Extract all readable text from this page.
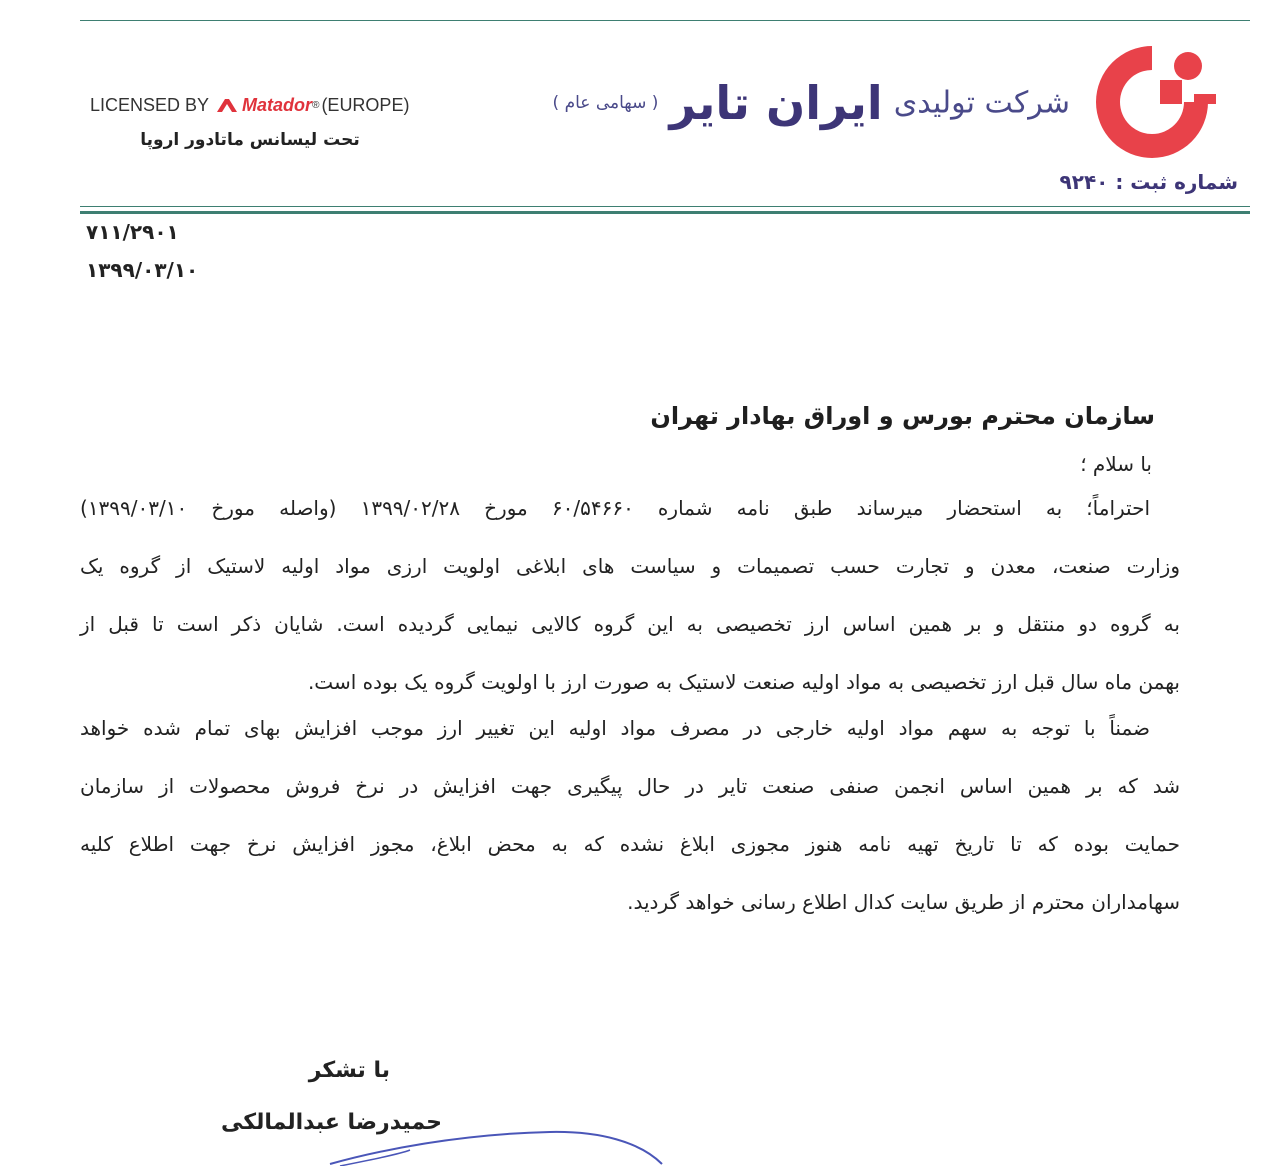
شرکت تولیدی ایران تایر ( سهامی عام )
شماره ثبت : ۹۲۴۰
LICENSED BY Matador ® (EUROPE)
تحت لیسانس ماتادور اروپا
۷۱۱/۲۹۰۱
۱۳۹۹/۰۳/۱۰
سازمان محترم بورس و اوراق بهادار تهران
با سلام ؛
احتراماً؛ به استحضار میرساند طبق نامه شماره ۶۰/۵۴۶۶۰ مورخ ۱۳۹۹/۰۲/۲۸ (واصله مورخ ۱۳۹۹/۰۳/۱۰)
وزارت صنعت، معدن و تجارت حسب تصمیمات و سیاست های ابلاغی اولویت ارزی مواد اولیه لاستیک از گروه یک
به گروه دو منتقل و بر همین اساس ارز تخصیصی به این گروه کالایی نیمایی گردیده است. شایان ذکر است تا قبل از
بهمن ماه سال قبل ارز تخصیصی به مواد اولیه صنعت لاستیک به صورت ارز با اولویت گروه یک بوده است.
ضمناً با توجه به سهم مواد اولیه خارجی در مصرف مواد اولیه این تغییر ارز موجب افزایش بهای تمام شده خواهد
شد که بر همین اساس انجمن صنفی صنعت تایر در حال پیگیری جهت افزایش در نرخ فروش محصولات از سازمان
حمایت بوده که تا تاریخ تهیه نامه هنوز مجوزی ابلاغ نشده که به محض ابلاغ، مجوز افزایش نرخ جهت اطلاع کلیه
سهامداران محترم از طریق سایت کدال اطلاع رسانی خواهد گردید.
با تشکر
حمیدرضا عبدالمالکی
